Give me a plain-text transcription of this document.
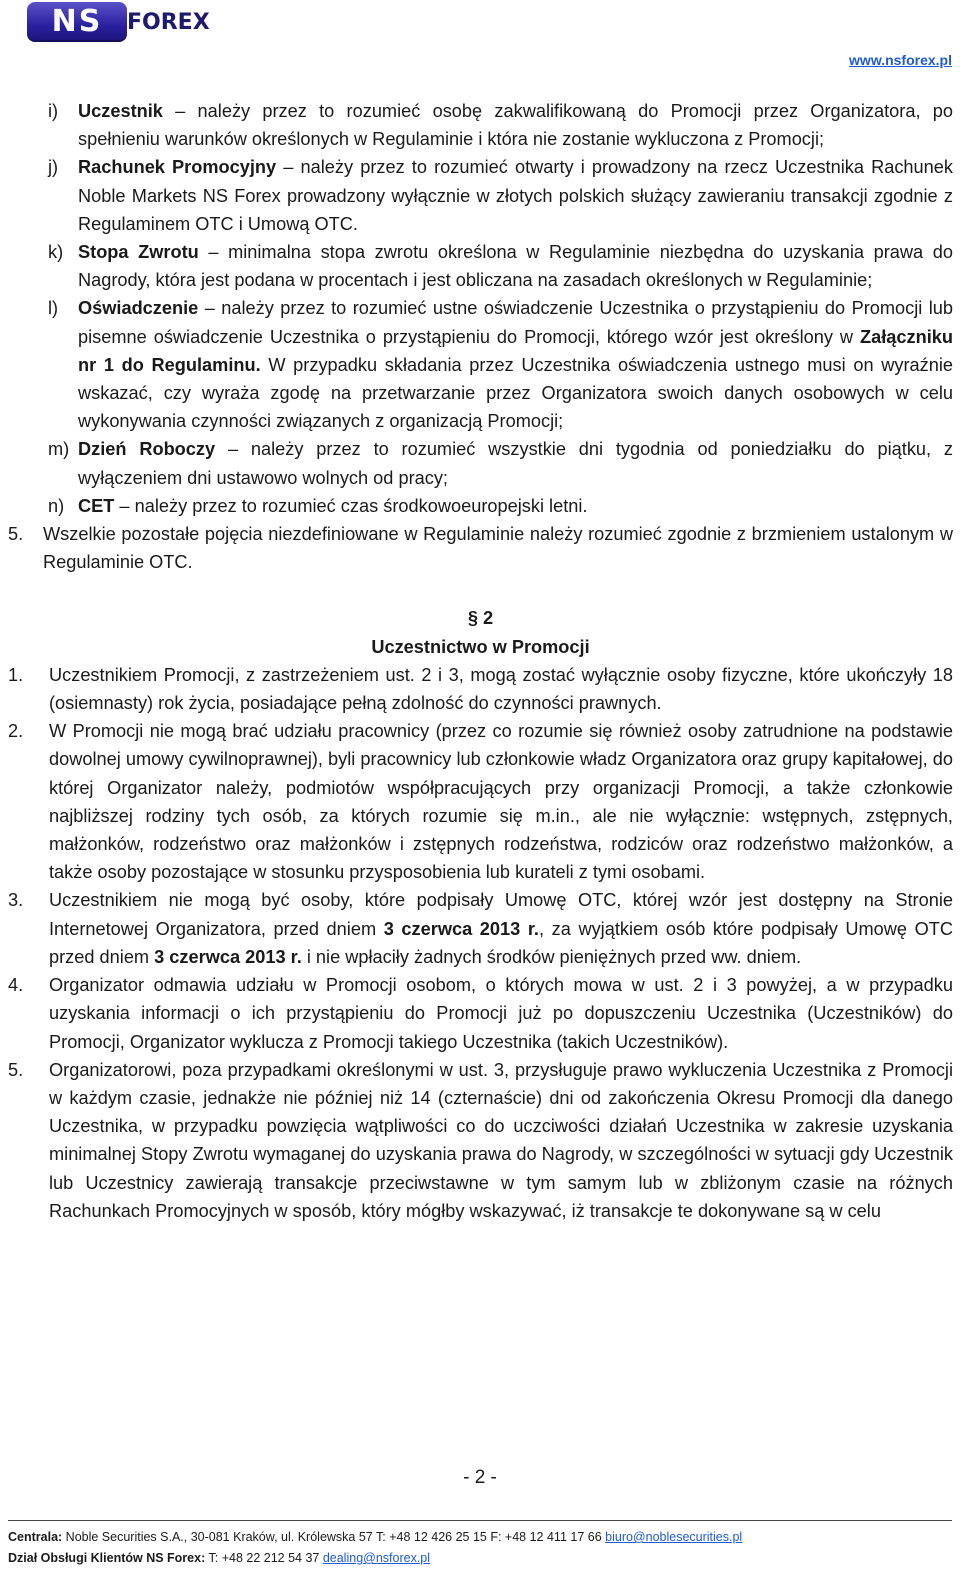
NS	FOREX
www.nsforex.pl
i)	Uczestnik – należy przez to rozumieć osobę zakwalifikowaną do Promocji przez Organizatora, po spełnieniu warunków określonych w Regulaminie i która nie zostanie wykluczona z Promocji;
j)	Rachunek Promocyjny – należy przez to rozumieć otwarty i prowadzony na rzecz Uczestnika Rachunek Noble Markets NS Forex prowadzony wyłącznie w złotych polskich służący zawieraniu transakcji zgodnie z Regulaminem OTC i Umową OTC.
k) Stopa Zwrotu – minimalna stopa zwrotu określona w Regulaminie niezbędna do uzyskania prawa do Nagrody, która jest podana w procentach i jest obliczana na zasadach określonych w Regulaminie;
l)	Oświadczenie – należy przez to rozumieć ustne oświadczenie Uczestnika o przystąpieniu do Promocji lub pisemne oświadczenie Uczestnika o przystąpieniu do Promocji, którego wzór jest określony w Załączniku nr 1 do Regulaminu. W przypadku składania przez Uczestnika oświadczenia ustnego musi on wyraźnie wskazać, czy wyraża zgodę na przetwarzanie przez Organizatora swoich danych osobowych w celu wykonywania czynności związanych z organizacją Promocji;
m) Dzień Roboczy – należy przez to rozumieć wszystkie dni tygodnia od poniedziałku do piątku, z wyłączeniem dni ustawowo wolnych od pracy;
n) CET – należy przez to rozumieć czas środkowoeuropejski letni.
5.	Wszelkie pozostałe pojęcia niezdefiniowane w Regulaminie należy rozumieć zgodnie z brzmieniem ustalonym w Regulaminie OTC.
§ 2
Uczestnictwo w Promocji
1.	Uczestnikiem Promocji, z zastrzeżeniem ust. 2 i 3, mogą zostać wyłącznie osoby fizyczne, które ukończyły 18 (osiemnasty) rok życia, posiadające pełną zdolność do czynności prawnych.
2.	W Promocji nie mogą brać udziału pracownicy (przez co rozumie się również osoby zatrudnione na podstawie dowolnej umowy cywilnoprawnej), byli pracownicy lub członkowie władz Organizatora oraz grupy kapitałowej, do której Organizator należy, podmiotów współpracujących przy organizacji Promocji, a także członkowie najbliższej rodziny tych osób, za których rozumie się m.in., ale nie wyłącznie: wstępnych, zstępnych, małżonków, rodzeństwo oraz małżonków i zstępnych rodzeństwa, rodziców oraz rodzeństwo małżonków, a także osoby pozostające w stosunku przysposobienia lub kurateli z tymi osobami.
3.	Uczestnikiem nie mogą być osoby, które podpisały Umowę OTC, której wzór jest dostępny na Stronie Internetowej Organizatora, przed dniem 3 czerwca 2013 r., za wyjątkiem osób które podpisały Umowę OTC przed dniem 3 czerwca 2013 r. i nie wpłaciły żadnych środków pieniężnych przed ww. dniem.
4.	Organizator odmawia udziału w Promocji osobom, o których mowa w ust. 2 i 3 powyżej, a w przypadku uzyskania informacji o ich przystąpieniu do Promocji już po dopuszczeniu Uczestnika (Uczestników) do Promocji, Organizator wyklucza z Promocji takiego Uczestnika (takich Uczestników).
5.	Organizatorowi, poza przypadkami określonymi w ust. 3, przysługuje prawo wykluczenia Uczestnika z Promocji w każdym czasie, jednakże nie później niż 14 (czternaście) dni od zakończenia Okresu Promocji dla danego Uczestnika, w przypadku powzięcia wątpliwości co do uczciwości działań Uczestnika w zakresie uzyskania minimalnej Stopy Zwrotu wymaganej do uzyskania prawa do Nagrody, w szczególności w sytuacji gdy Uczestnik lub Uczestnicy zawierają transakcje przeciwstawne w tym samym lub w zbliżonym czasie na różnych Rachunkach Promocyjnych w sposób, który mógłby wskazywać, iż transakcje te dokonywane są w celu
- 2 -
Centrala: Noble Securities S.A., 30-081 Kraków, ul. Królewska 57 T: +48 12 426 25 15 F: +48 12 411 17 66 biuro@noblesecurities.pl
Dział Obsługi Klientów NS Forex: T: +48 22 212 54 37 dealing@nsforex.pl
